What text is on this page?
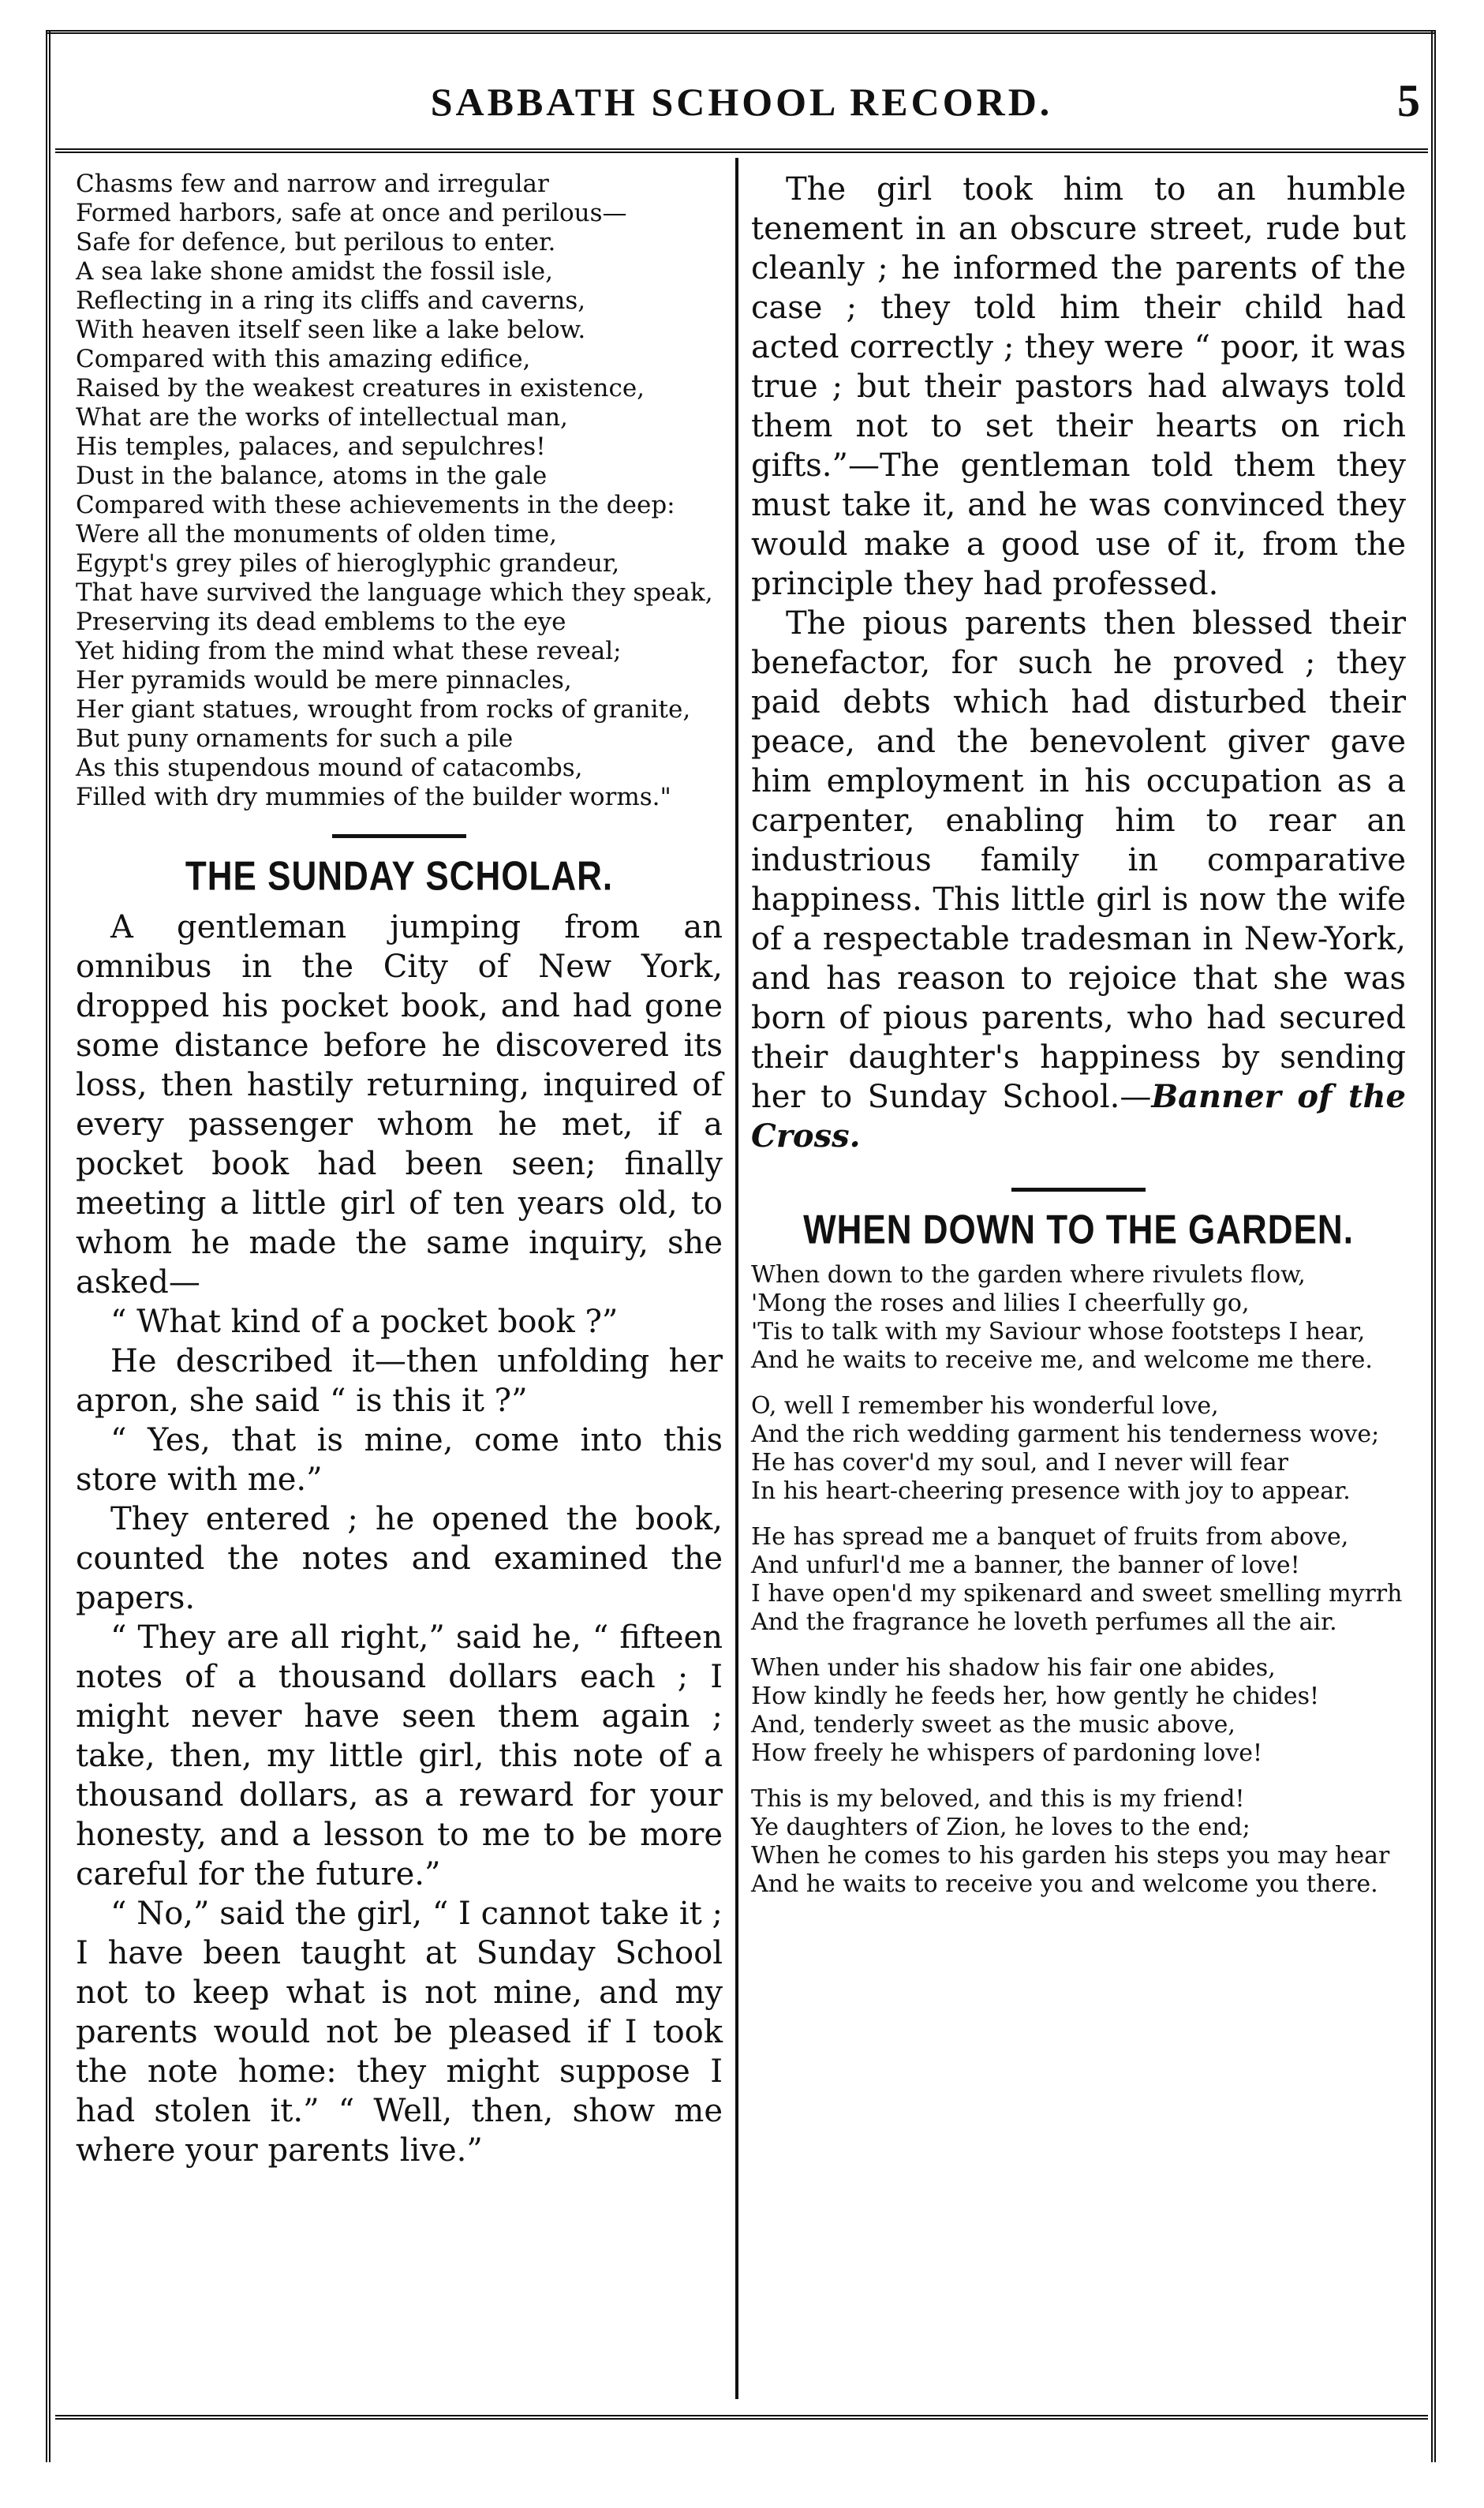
SABBATH SCHOOL RECORD.	5

Chasms few and narrow and irregular

Formed harbors, safe at once and perilous—

Safe for defence, but perilous to enter.

A sea lake shone amidst the fossil isle,

Reflecting in a ring its cliffs and caverns,

With heaven itself seen like a lake below.

Compared with this amazing edifice,

Raised by the weakest creatures in existence,

What are the works of intellectual man,

His temples, palaces, and sepulchres!

Dust in the balance, atoms in the gale

Compared with these achievements in the deep:

Were all the monuments of olden time,

Egypt's grey piles of hieroglyphic grandeur,

That have survived the language which they speak,

Preserving its dead emblems to the eye

Yet hiding from the mind what these reveal;

Her pyramids would be mere pinnacles,

Her giant statues, wrought from rocks of granite,

But puny ornaments for such a pile

As this stupendous mound of catacombs,

Filled with dry mummies of the builder worms."

THE SUNDAY SCHOLAR.

A gentleman jumping from an omnibus in the City of New York, dropped his pocket book, and had gone some distance before he discovered its loss, then hastily returning, inquired of every passenger whom he met, if a pocket book had been seen; finally meeting a little girl of ten years old, to whom he made the same inquiry, she asked—

“ What kind of a pocket book ?”

He described it—then unfolding her apron, she said “ is this it ?”

“ Yes, that is mine, come into this store with me.”

They entered ; he opened the book, counted the notes and examined the papers.

“ They are all right,” said he, “ fifteen notes of a thousand dollars each ; I might never have seen them again ; take, then, my little girl, this note of a thousand dollars, as a reward for your honesty, and a lesson to me to be more careful for the future.”

“ No,” said the girl, “ I cannot take it ; I have been taught at Sunday School not to keep what is not mine, and my parents would not be pleased if I took the note home: they might suppose I had stolen it.” “ Well, then, show me where your parents live.”

The girl took him to an humble tenement in an obscure street, rude but cleanly ; he informed the parents of the case ; they told him their child had acted correctly ; they were “ poor, it was true ; but their pastors had always told them not to set their hearts on rich gifts.”—The gentleman told them they must take it, and he was convinced they would make a good use of it, from the principle they had professed.

The pious parents then blessed their benefactor, for such he proved ; they paid debts which had disturbed their peace, and the benevolent giver gave him employment in his occupation as a carpenter, enabling him to rear an industrious family in comparative happiness. This little girl is now the wife of a respectable tradesman in New-York, and has reason to rejoice that she was born of pious parents, who had secured their daughter's happiness by sending her to Sunday School.—Banner of the Cross.

WHEN DOWN TO THE GARDEN.

When down to the garden where rivulets flow,

'Mong the roses and lilies I cheerfully go,

'Tis to talk with my Saviour whose footsteps I hear,

And he waits to receive me, and welcome me there.

O, well I remember his wonderful love,

And the rich wedding garment his tenderness wove;

He has cover'd my soul, and I never will fear

In his heart-cheering presence with joy to appear.

He has spread me a banquet of fruits from above,

And unfurl'd me a banner, the banner of love!

I have open'd my spikenard and sweet smelling myrrh

And the fragrance he loveth perfumes all the air.

When under his shadow his fair one abides,

How kindly he feeds her, how gently he chides!

And, tenderly sweet as the music above,

How freely he whispers of pardoning love!

This is my beloved, and this is my friend!

Ye daughters of Zion, he loves to the end;

When he comes to his garden his steps you may hear

And he waits to receive you and welcome you there.
